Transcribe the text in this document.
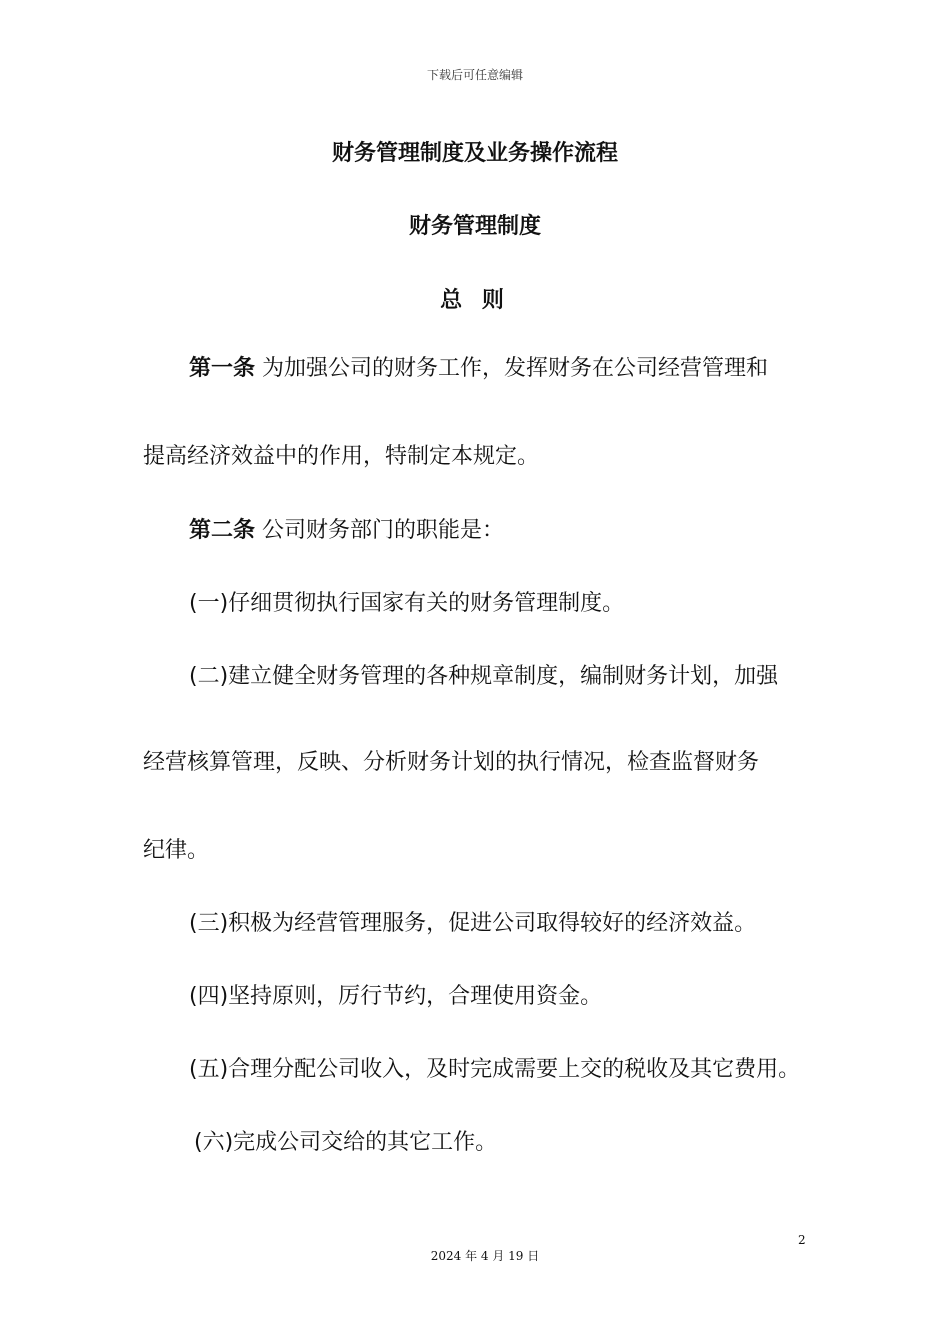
下载后可任意编辑
财务管理制度及业务操作流程
财务管理制度
总 则
第一条 为加强公司的财务工作，发挥财务在公司经营管理和
提高经济效益中的作用，特制定本规定。
第二条 公司财务部门的职能是：
(一)仔细贯彻执行国家有关的财务管理制度。
(二)建立健全财务管理的各种规章制度，编制财务计划，加强
经营核算管理，反映、分析财务计划的执行情况，检查监督财务
纪律。
(三)积极为经营管理服务，促进公司取得较好的经济效益。
(四)坚持原则，厉行节约，合理使用资金。
(五)合理分配公司收入，及时完成需要上交的税收及其它费用。
(六)完成公司交给的其它工作。
2
2024 年 4 月 19 日
